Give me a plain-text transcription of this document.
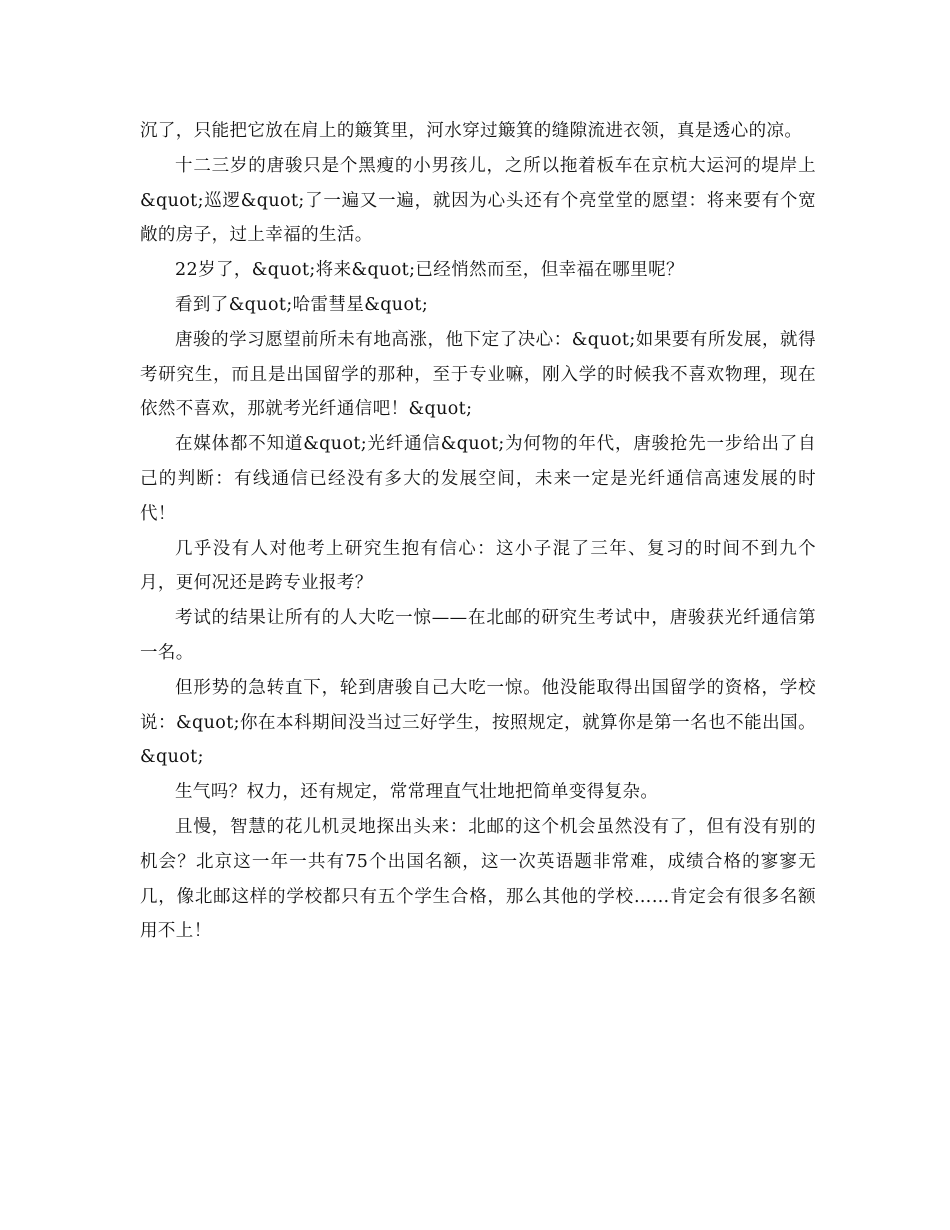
沉了，只能把它放在肩上的簸箕里，河水穿过簸箕的缝隙流进衣领，真是透心的凉。

十二三岁的唐骏只是个黑瘦的小男孩儿，之所以拖着板车在京杭大运河的堤岸上&quot;巡逻&quot;了一遍又一遍，就因为心头还有个亮堂堂的愿望：将来要有个宽敞的房子，过上幸福的生活。

22岁了，&quot;将来&quot;已经悄然而至，但幸福在哪里呢？

看到了&quot;哈雷彗星&quot;

唐骏的学习愿望前所未有地高涨，他下定了决心：&quot;如果要有所发展，就得考研究生，而且是出国留学的那种，至于专业嘛，刚入学的时候我不喜欢物理，现在依然不喜欢，那就考光纤通信吧！&quot;

在媒体都不知道&quot;光纤通信&quot;为何物的年代，唐骏抢先一步给出了自己的判断：有线通信已经没有多大的发展空间，未来一定是光纤通信高速发展的时代！

几乎没有人对他考上研究生抱有信心：这小子混了三年、复习的时间不到九个月，更何况还是跨专业报考？

考试的结果让所有的人大吃一惊——在北邮的研究生考试中，唐骏获光纤通信第一名。

但形势的急转直下，轮到唐骏自己大吃一惊。他没能取得出国留学的资格，学校说：&quot;你在本科期间没当过三好学生，按照规定，就算你是第一名也不能出国。&quot;

生气吗？权力，还有规定，常常理直气壮地把简单变得复杂。

且慢，智慧的花儿机灵地探出头来：北邮的这个机会虽然没有了，但有没有别的机会？北京这一年一共有75个出国名额，这一次英语题非常难，成绩合格的寥寥无几，像北邮这样的学校都只有五个学生合格，那么其他的学校……肯定会有很多名额用不上！
